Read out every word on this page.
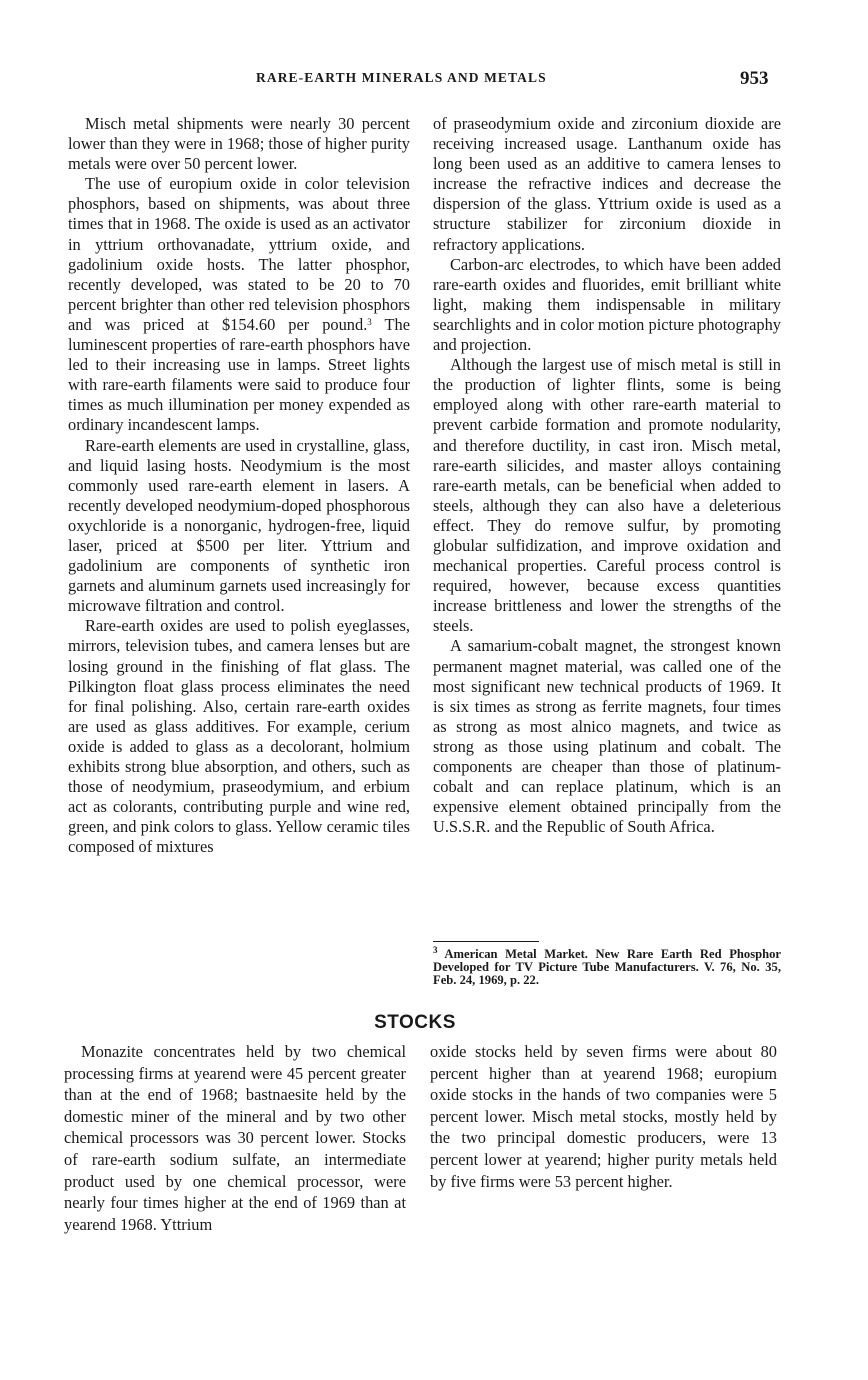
RARE-EARTH MINERALS AND METALS	953

Misch metal shipments were nearly 30 percent lower than they were in 1968; those of higher purity metals were over 50 percent lower.

The use of europium oxide in color television phosphors, based on shipments, was about three times that in 1968. The oxide is used as an activator in yttrium orthovanadate, yttrium oxide, and gadolinium oxide hosts. The latter phosphor, recently developed, was stated to be 20 to 70 percent brighter than other red television phosphors and was priced at $154.60 per pound.$^3$ The luminescent properties of rare-earth phosphors have led to their increasing use in lamps. Street lights with rare-earth filaments were said to produce four times as much illumination per money expended as ordinary incandescent lamps.

Rare-earth elements are used in crystalline, glass, and liquid lasing hosts. Neodymium is the most commonly used rare-earth element in lasers. A recently developed neodymium-doped phosphorous oxychloride is a nonorganic, hydrogen-free, liquid laser, priced at $500 per liter. Yttrium and gadolinium are components of synthetic iron garnets and aluminum garnets used increasingly for microwave filtration and control.

Rare-earth oxides are used to polish eyeglasses, mirrors, television tubes, and camera lenses but are losing ground in the finishing of flat glass. The Pilkington float glass process eliminates the need for final polishing. Also, certain rare-earth oxides are used as glass additives. For example, cerium oxide is added to glass as a decolorant, holmium exhibits strong blue absorption, and others, such as those of neodymium, praseodymium, and erbium act as colorants, contributing purple and wine red, green, and pink colors to glass. Yellow ceramic tiles composed of mixtures

of praseodymium oxide and zirconium dioxide are receiving increased usage. Lanthanum oxide has long been used as an additive to camera lenses to increase the refractive indices and decrease the dispersion of the glass. Yttrium oxide is used as a structure stabilizer for zirconium dioxide in refractory applications.

Carbon-arc electrodes, to which have been added rare-earth oxides and fluorides, emit brilliant white light, making them indispensable in military searchlights and in color motion picture photography and projection.

Although the largest use of misch metal is still in the production of lighter flints, some is being employed along with other rare-earth material to prevent carbide formation and promote nodularity, and therefore ductility, in cast iron. Misch metal, rare-earth silicides, and master alloys containing rare-earth metals, can be beneficial when added to steels, although they can also have a deleterious effect. They do remove sulfur, by promoting globular sulfidization, and improve oxidation and mechanical properties. Careful process control is required, however, because excess quantities increase brittleness and lower the strengths of the steels.

A samarium-cobalt magnet, the strongest known permanent magnet material, was called one of the most significant new technical products of 1969. It is six times as strong as ferrite magnets, four times as strong as most alnico magnets, and twice as strong as those using platinum and cobalt. The components are cheaper than those of platinum-cobalt and can replace platinum, which is an expensive element obtained principally from the U.S.S.R. and the Republic of South Africa.

$^3$ American Metal Market. New Rare Earth Red Phosphor Developed for TV Picture Tube Manufacturers. V. 76, No. 35, Feb. 24, 1969, p. 22.

STOCKS

Monazite concentrates held by two chemical processing firms at yearend were 45 percent greater than at the end of 1968; bastnaesite held by the domestic miner of the mineral and by two other chemical processors was 30 percent lower. Stocks of rare-earth sodium sulfate, an intermediate product used by one chemical processor, were nearly four times higher at the end of 1969 than at yearend 1968. Yttrium

oxide stocks held by seven firms were about 80 percent higher than at yearend 1968; europium oxide stocks in the hands of two companies were 5 percent lower. Misch metal stocks, mostly held by the two principal domestic producers, were 13 percent lower at yearend; higher purity metals held by five firms were 53 percent higher.
